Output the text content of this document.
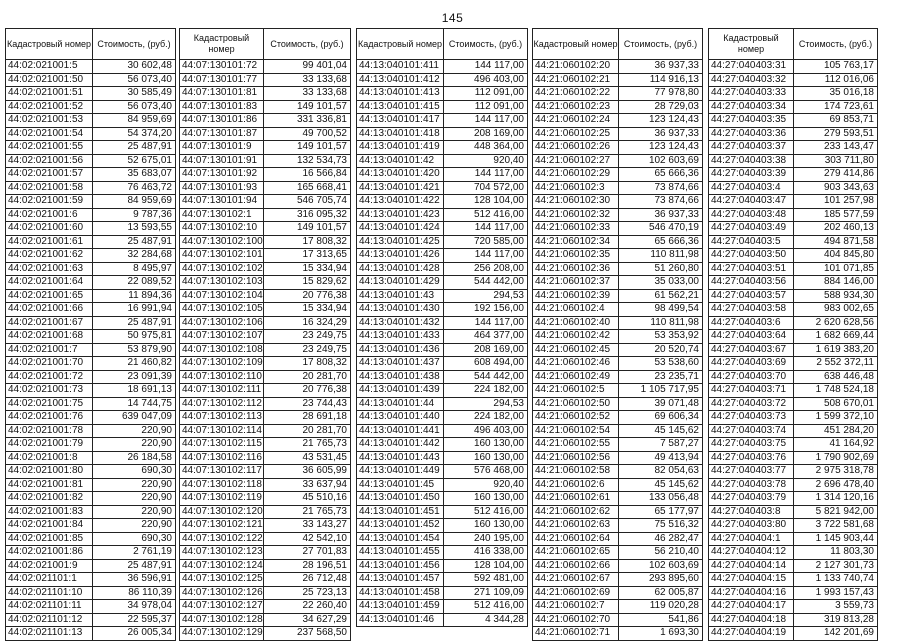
145
Кадастровый номер	Стоимость, (руб.)
44:02:021001:5	30 602,48
44:02:021001:50	56 073,40
44:02:021001:51	30 585,49
44:02:021001:52	56 073,40
44:02:021001:53	84 959,69
44:02:021001:54	54 374,20
44:02:021001:55	25 487,91
44:02:021001:56	52 675,01
44:02:021001:57	35 683,07
44:02:021001:58	76 463,72
44:02:021001:59	84 959,69
44:02:021001:6	9 787,36
44:02:021001:60	13 593,55
44:02:021001:61	25 487,91
44:02:021001:62	32 284,68
44:02:021001:63	8 495,97
44:02:021001:64	22 089,52
44:02:021001:65	11 894,36
44:02:021001:66	16 991,94
44:02:021001:67	25 487,91
44:02:021001:68	50 975,81
44:02:021001:7	53 879,90
44:02:021001:70	21 460,82
44:02:021001:72	23 091,39
44:02:021001:73	18 691,13
44:02:021001:75	14 744,75
44:02:021001:76	639 047,09
44:02:021001:78	220,90
44:02:021001:79	220,90
44:02:021001:8	26 184,58
44:02:021001:80	690,30
44:02:021001:81	220,90
44:02:021001:82	220,90
44:02:021001:83	220,90
44:02:021001:84	220,90
44:02:021001:85	690,30
44:02:021001:86	2 761,19
44:02:021001:9	25 487,91
44:02:021101:1	36 596,91
44:02:021101:10	86 110,39
44:02:021101:11	34 978,04
44:02:021101:12	22 595,37
44:02:021101:13	26 005,34
Кадастровый номер	Стоимость, (руб.)
44:07:130101:72	99 401,04
44:07:130101:77	33 133,68
44:07:130101:81	33 133,68
44:07:130101:83	149 101,57
44:07:130101:86	331 336,81
44:07:130101:87	49 700,52
44:07:130101:9	149 101,57
44:07:130101:91	132 534,73
44:07:130101:92	16 566,84
44:07:130101:93	165 668,41
44:07:130101:94	546 705,74
44:07:130102:1	316 095,32
44:07:130102:10	149 101,57
44:07:130102:100	17 808,32
44:07:130102:101	17 313,65
44:07:130102:102	15 334,94
44:07:130102:103	15 829,62
44:07:130102:104	20 776,38
44:07:130102:105	15 334,94
44:07:130102:106	16 324,29
44:07:130102:107	23 249,75
44:07:130102:108	23 249,75
44:07:130102:109	17 808,32
44:07:130102:110	20 281,70
44:07:130102:111	20 776,38
44:07:130102:112	23 744,43
44:07:130102:113	28 691,18
44:07:130102:114	20 281,70
44:07:130102:115	21 765,73
44:07:130102:116	43 531,45
44:07:130102:117	36 605,99
44:07:130102:118	33 637,94
44:07:130102:119	45 510,16
44:07:130102:120	21 765,73
44:07:130102:121	33 143,27
44:07:130102:122	42 542,10
44:07:130102:123	27 701,83
44:07:130102:124	28 196,51
44:07:130102:125	26 712,48
44:07:130102:126	25 723,13
44:07:130102:127	22 260,40
44:07:130102:128	34 627,29
44:07:130102:129	237 568,50
Кадастровый номер	Стоимость, (руб.)
44:13:040101:411	144 117,00
44:13:040101:412	496 403,00
44:13:040101:413	112 091,00
44:13:040101:415	112 091,00
44:13:040101:417	144 117,00
44:13:040101:418	208 169,00
44:13:040101:419	448 364,00
44:13:040101:42	920,40
44:13:040101:420	144 117,00
44:13:040101:421	704 572,00
44:13:040101:422	128 104,00
44:13:040101:423	512 416,00
44:13:040101:424	144 117,00
44:13:040101:425	720 585,00
44:13:040101:426	144 117,00
44:13:040101:428	256 208,00
44:13:040101:429	544 442,00
44:13:040101:43	294,53
44:13:040101:430	192 156,00
44:13:040101:432	144 117,00
44:13:040101:433	464 377,00
44:13:040101:436	208 169,00
44:13:040101:437	608 494,00
44:13:040101:438	544 442,00
44:13:040101:439	224 182,00
44:13:040101:44	294,53
44:13:040101:440	224 182,00
44:13:040101:441	496 403,00
44:13:040101:442	160 130,00
44:13:040101:443	160 130,00
44:13:040101:449	576 468,00
44:13:040101:45	920,40
44:13:040101:450	160 130,00
44:13:040101:451	512 416,00
44:13:040101:452	160 130,00
44:13:040101:454	240 195,00
44:13:040101:455	416 338,00
44:13:040101:456	128 104,00
44:13:040101:457	592 481,00
44:13:040101:458	271 109,09
44:13:040101:459	512 416,00
44:13:040101:46	4 344,28
Кадастровый номер	Стоимость, (руб.)
44:21:060102:20	36 937,33
44:21:060102:21	114 916,13
44:21:060102:22	77 978,80
44:21:060102:23	28 729,03
44:21:060102:24	123 124,43
44:21:060102:25	36 937,33
44:21:060102:26	123 124,43
44:21:060102:27	102 603,69
44:21:060102:29	65 666,36
44:21:060102:3	73 874,66
44:21:060102:30	73 874,66
44:21:060102:32	36 937,33
44:21:060102:33	546 470,19
44:21:060102:34	65 666,36
44:21:060102:35	110 811,98
44:21:060102:36	51 260,80
44:21:060102:37	35 033,00
44:21:060102:39	61 562,21
44:21:060102:4	98 499,54
44:21:060102:40	110 811,98
44:21:060102:42	53 353,92
44:21:060102:45	20 520,74
44:21:060102:46	53 538,60
44:21:060102:49	23 235,71
44:21:060102:5	1 105 717,95
44:21:060102:50	39 071,48
44:21:060102:52	69 606,34
44:21:060102:54	45 145,62
44:21:060102:55	7 587,27
44:21:060102:56	49 413,94
44:21:060102:58	82 054,63
44:21:060102:6	45 145,62
44:21:060102:61	133 056,48
44:21:060102:62	65 177,97
44:21:060102:63	75 516,32
44:21:060102:64	46 282,47
44:21:060102:65	56 210,40
44:21:060102:66	102 603,69
44:21:060102:67	293 895,60
44:21:060102:69	62 005,87
44:21:060102:7	119 020,28
44:21:060102:70	541,86
44:21:060102:71	1 693,30
Кадастровый номер	Стоимость, (руб.)
44:27:040403:31	105 763,17
44:27:040403:32	112 016,06
44:27:040403:33	35 016,18
44:27:040403:34	174 723,61
44:27:040403:35	69 853,71
44:27:040403:36	279 593,51
44:27:040403:37	233 143,47
44:27:040403:38	303 711,80
44:27:040403:39	279 414,86
44:27:040403:4	903 343,63
44:27:040403:47	101 257,98
44:27:040403:48	185 577,59
44:27:040403:49	202 460,13
44:27:040403:5	494 871,58
44:27:040403:50	404 845,80
44:27:040403:51	101 071,85
44:27:040403:56	884 146,00
44:27:040403:57	588 934,30
44:27:040403:58	983 002,65
44:27:040403:6	2 620 628,56
44:27:040403:64	1 682 669,44
44:27:040403:67	1 619 383,20
44:27:040403:69	2 552 372,11
44:27:040403:70	638 446,48
44:27:040403:71	1 748 524,18
44:27:040403:72	508 670,01
44:27:040403:73	1 599 372,10
44:27:040403:74	451 284,20
44:27:040403:75	41 164,92
44:27:040403:76	1 790 902,69
44:27:040403:77	2 975 318,78
44:27:040403:78	2 696 478,40
44:27:040403:79	1 314 120,16
44:27:040403:8	5 821 942,00
44:27:040403:80	3 722 581,68
44:27:040404:1	1 145 903,44
44:27:040404:12	11 803,30
44:27:040404:14	2 127 301,73
44:27:040404:15	1 133 740,74
44:27:040404:16	1 993 157,43
44:27:040404:17	3 559,73
44:27:040404:18	319 813,28
44:27:040404:19	142 201,69
